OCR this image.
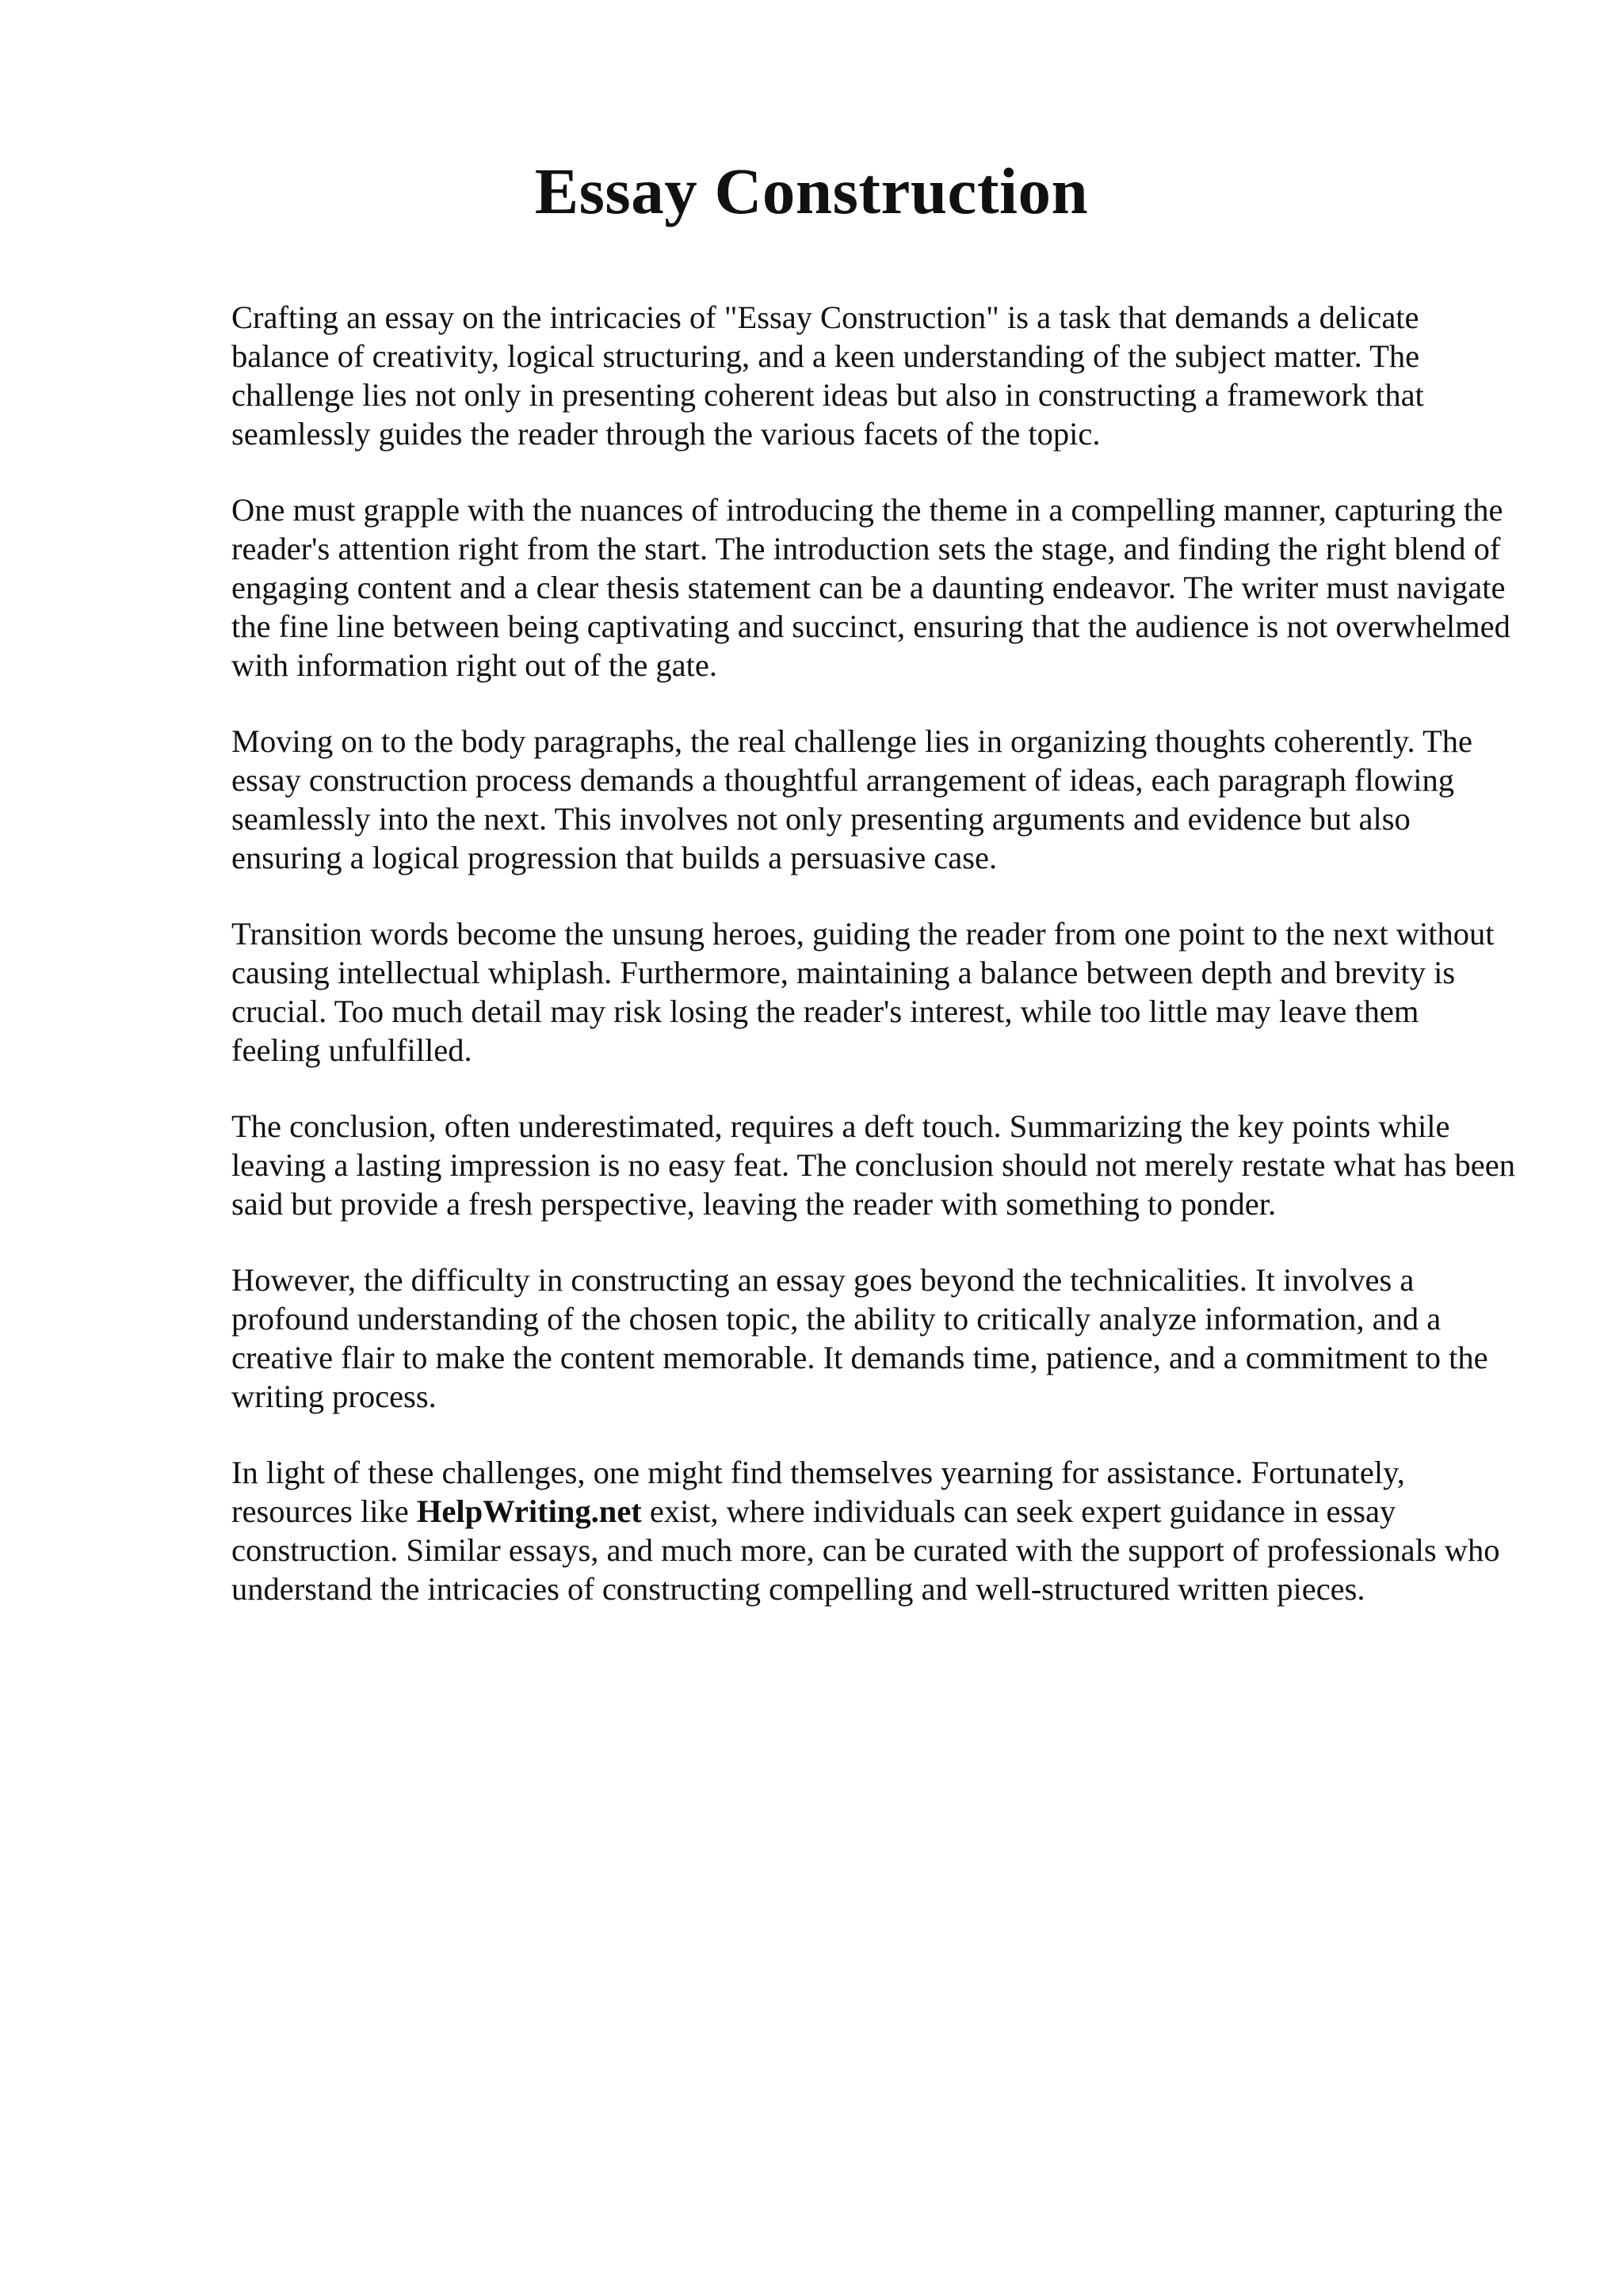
Essay Construction

Crafting an essay on the intricacies of "Essay Construction" is a task that demands a delicate balance of creativity, logical structuring, and a keen understanding of the subject matter. The challenge lies not only in presenting coherent ideas but also in constructing a framework that seamlessly guides the reader through the various facets of the topic.

One must grapple with the nuances of introducing the theme in a compelling manner, capturing the reader's attention right from the start. The introduction sets the stage, and finding the right blend of engaging content and a clear thesis statement can be a daunting endeavor. The writer must navigate the fine line between being captivating and succinct, ensuring that the audience is not overwhelmed with information right out of the gate.

Moving on to the body paragraphs, the real challenge lies in organizing thoughts coherently. The essay construction process demands a thoughtful arrangement of ideas, each paragraph flowing seamlessly into the next. This involves not only presenting arguments and evidence but also ensuring a logical progression that builds a persuasive case.

Transition words become the unsung heroes, guiding the reader from one point to the next without causing intellectual whiplash. Furthermore, maintaining a balance between depth and brevity is crucial. Too much detail may risk losing the reader's interest, while too little may leave them feeling unfulfilled.

The conclusion, often underestimated, requires a deft touch. Summarizing the key points while leaving a lasting impression is no easy feat. The conclusion should not merely restate what has been said but provide a fresh perspective, leaving the reader with something to ponder.

However, the difficulty in constructing an essay goes beyond the technicalities. It involves a profound understanding of the chosen topic, the ability to critically analyze information, and a creative flair to make the content memorable. It demands time, patience, and a commitment to the writing process.

In light of these challenges, one might find themselves yearning for assistance. Fortunately, resources like HelpWriting.net exist, where individuals can seek expert guidance in essay construction. Similar essays, and much more, can be curated with the support of professionals who understand the intricacies of constructing compelling and well-structured written pieces.
